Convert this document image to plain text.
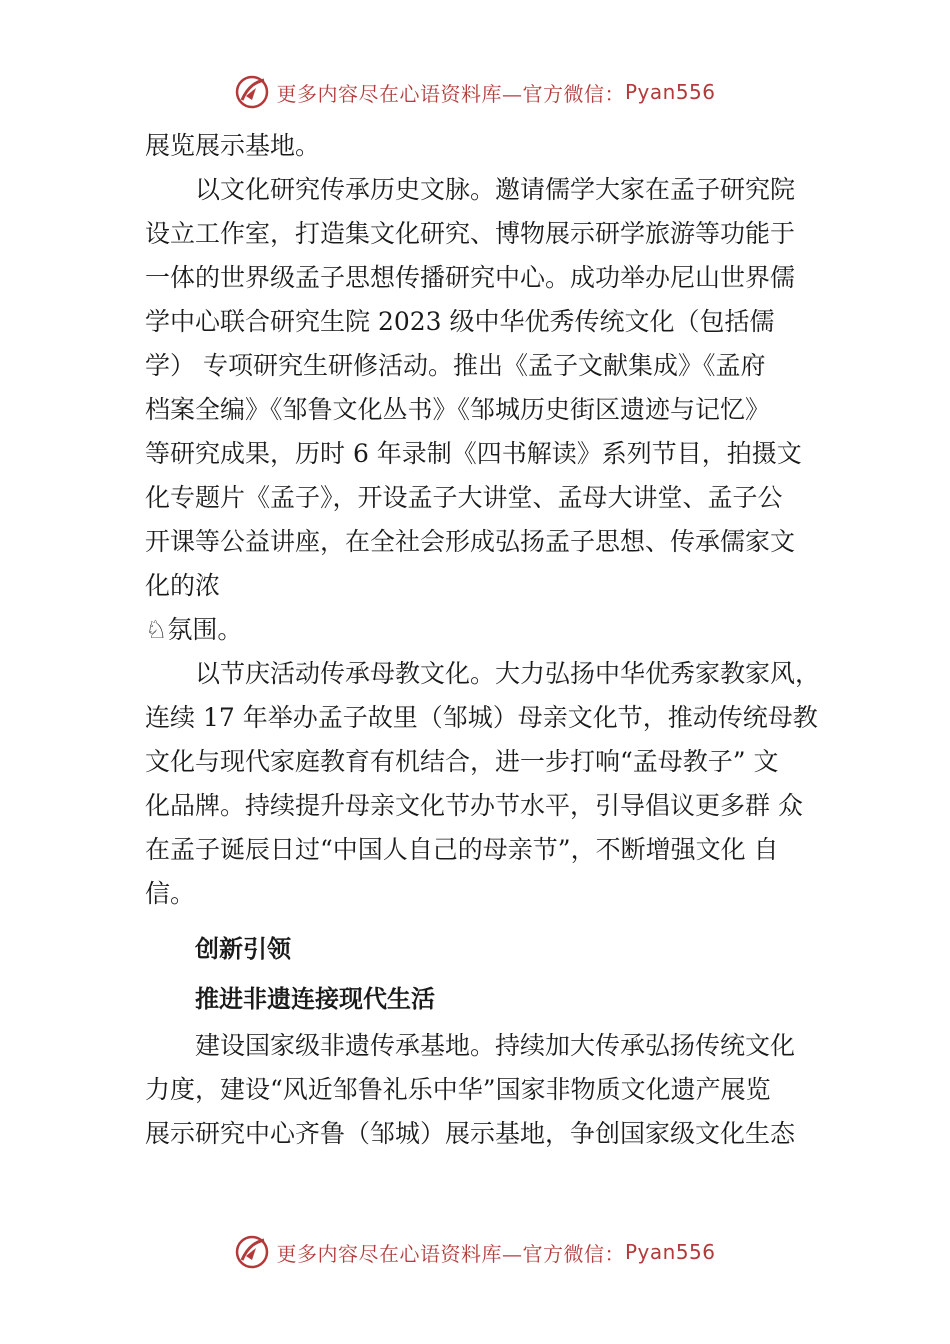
更多内容尽在心语资料库—官方微信： Pyan556
展览展示基地。
以文化研究传承历史文脉。邀请儒学大家在孟子研究院
设立工作室，打造集文化研究、博物展示研学旅游等功能于
一体的世界级孟子思想传播研究中心。成功举办尼山世界儒
学中心联合研究生院 2023 级中华优秀传统文化（包括儒
学） 专项研究生研修活动。推出《孟子文献集成》《孟府
档案全编》《邹鲁文化丛书》《邹城历史街区遗迹与记忆》
等研究成果，历时 6 年录制《四书解读》系列节目，拍摄文
化专题片《孟子》，开设孟子大讲堂、孟母大讲堂、孟子公
开课等公益讲座，在全社会形成弘扬孟子思想、传承儒家文
化的浓
♘氛围。
以节庆活动传承母教文化。大力弘扬中华优秀家教家风，
连续 17 年举办孟子故里（邹城）母亲文化节，推动传统母教
文化与现代家庭教育有机结合，进一步打响“孟母教子” 文
化品牌。持续提升母亲文化节办节水平，引导倡议更多群 众
在孟子诞辰日过“中国人自己的母亲节”，不断增强文化 自
信。
创新引领
推进非遗连接现代生活
建设国家级非遗传承基地。持续加大传承弘扬传统文化
力度，建设“风近邹鲁礼乐中华”国家非物质文化遗产展览
展示研究中心齐鲁（邹城）展示基地，争创国家级文化生态
更多内容尽在心语资料库—官方微信： Pyan556
